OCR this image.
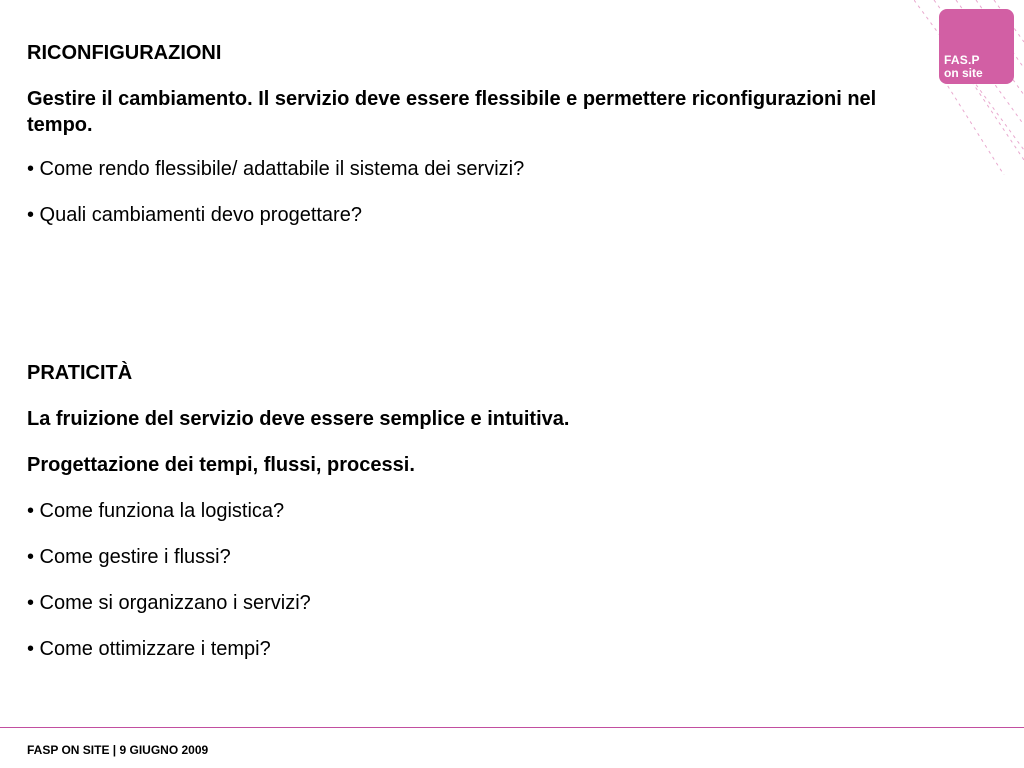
FAS.P
on site
RICONFIGURAZIONI
Gestire il cambiamento. Il servizio deve essere flessibile e permettere riconfigurazioni nel tempo.
• Come rendo flessibile/ adattabile il sistema dei servizi?
• Quali cambiamenti devo progettare?
PRATICITÀ
La fruizione del servizio deve essere semplice e intuitiva.
Progettazione dei tempi, flussi, processi.
• Come funziona la logistica?
• Come gestire i flussi?
• Come si organizzano i servizi?
• Come ottimizzare i tempi?
FASP ON SITE | 9 GIUGNO 2009
